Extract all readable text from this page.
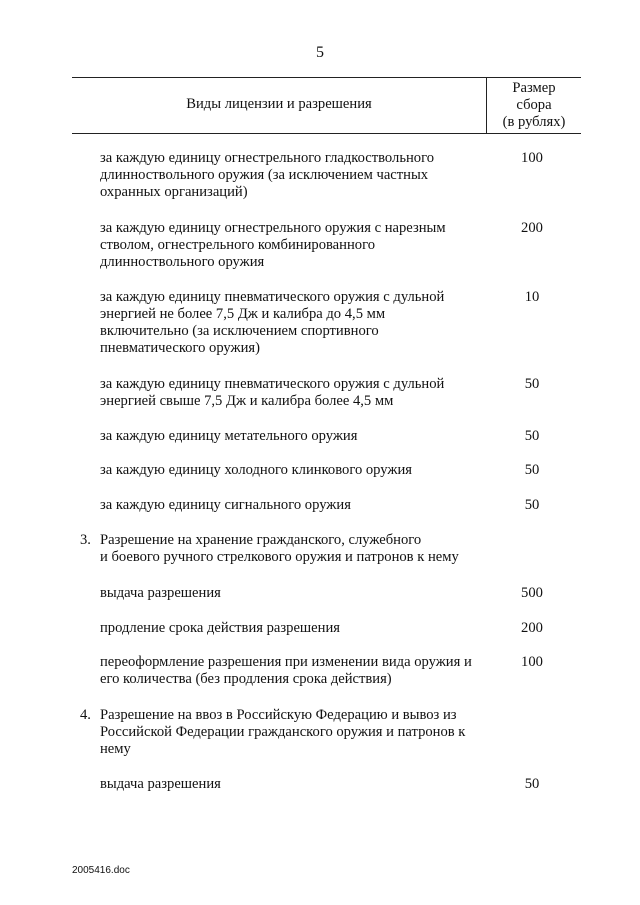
5
Виды лицензии и разрешения
Размер
сбора
(в рублях)
за каждую единицу огнестрельного гладкоствольного
длинноствольного оружия (за исключением частных
охранных организаций)
100
за каждую единицу огнестрельного оружия с нарезным
стволом, огнестрельного комбинированного
длинноствольного оружия
200
за каждую единицу пневматического оружия с дульной
энергией не более 7,5 Дж и калибра до 4,5 мм
включительно (за исключением спортивного
пневматического оружия)
10
за каждую единицу пневматического оружия с дульной
энергией свыше 7,5 Дж и калибра более 4,5 мм
50
за каждую единицу метательного оружия	50
за каждую единицу холодного клинкового оружия	50
за каждую единицу сигнального оружия	50
3. Разрешение на хранение гражданского, служебного
и боевого ручного стрелкового оружия и патронов к нему
выдача разрешения	500
продление срока действия разрешения	200
переоформление разрешения при изменении вида оружия и
его количества (без продления срока действия)
100
4. Разрешение на ввоз в Российскую Федерацию и вывоз из
Российской Федерации гражданского оружия и патронов к
нему
выдача разрешения	50
2005416.doc
